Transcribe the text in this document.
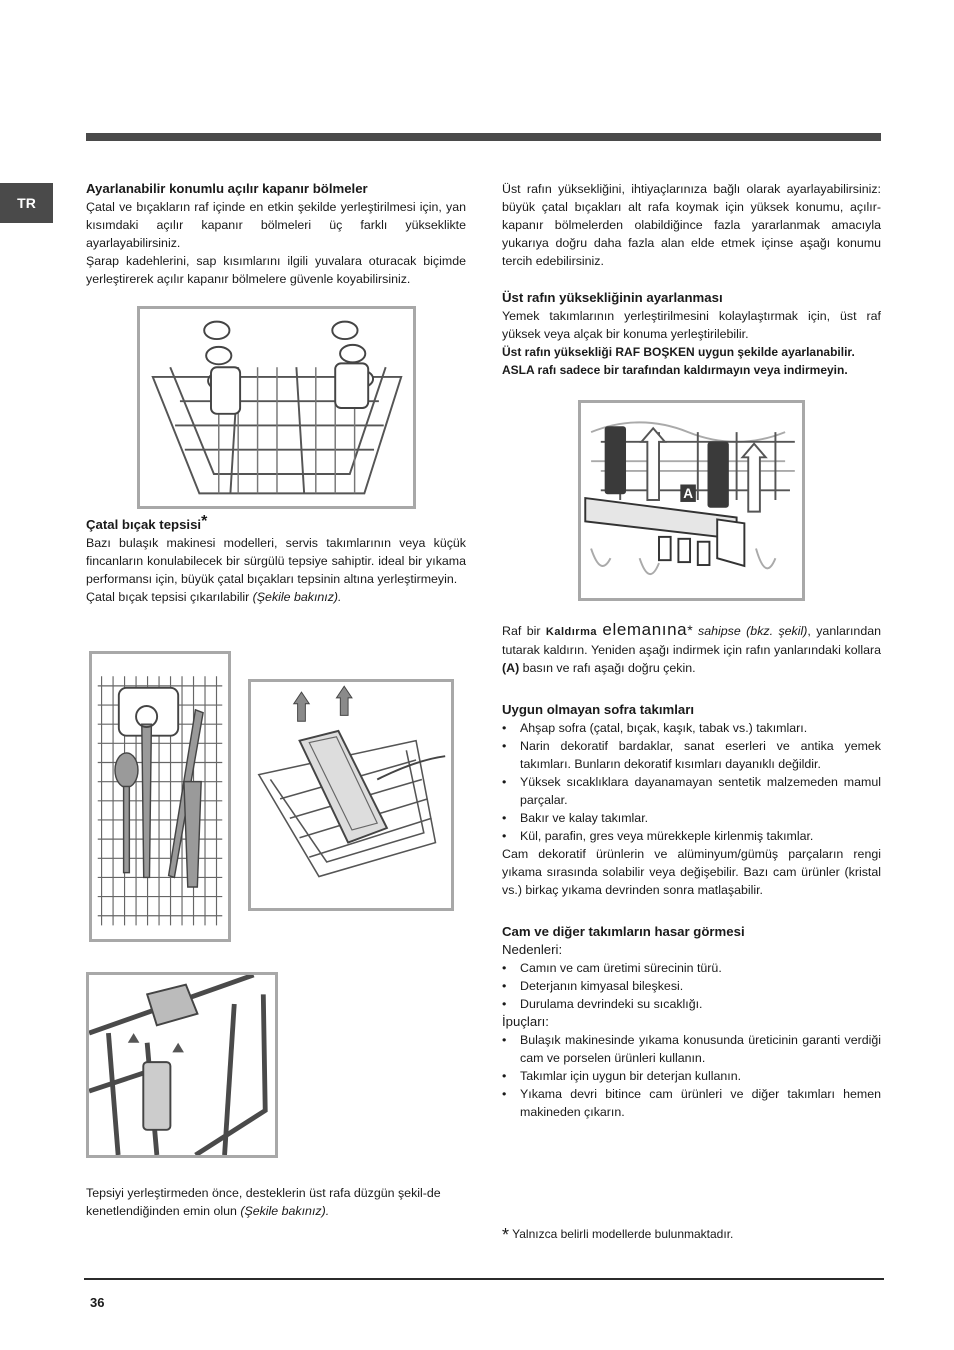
TR

Ayarlanabilir konumlu açılır kapanır bölmeler

Çatal ve bıçakların raf içinde en etkin şekilde yerleştirilmesi için, yan kısımdaki açılır kapanır bölmeleri üç farklı yükseklikte ayarlayabilirsiniz.

Şarap kadehlerini, sap kısımlarını ilgili yuvalara oturacak biçimde yerleştirerek açılır kapanır bölmelere güvenle koyabilirsiniz.

Çatal bıçak tepsisi*

Bazı bulaşık makinesi modelleri, servis takımlarının veya küçük fincanların konulabilecek bir sürgülü tepsiye sahiptir. ideal bir yıkama performansı için, büyük çatal bıçakları tepsinin altına yerleştirmeyin.

Çatal bıçak tepsisi çıkarılabilir (Şekile bakınız).

Tepsiyi yerleştirmeden önce, desteklerin üst rafa düzgün şekil-de kenetlendiğinden emin olun (Şekile bakınız).

Üst rafın yüksekliğini, ihtiyaçlarınıza bağlı olarak ayarlayabilirsiniz: büyük çatal bıçakları alt rafa koymak için yüksek konumu, açılır-kapanır bölmelerden olabildiğince fazla yararlanmak amacıyla yukarıya doğru daha fazla alan elde etmek içinse aşağı konumu tercih edebilirsiniz.

Üst rafın yüksekliğinin ayarlanması

Yemek takımlarının yerleştirilmesini kolaylaştırmak için, üst raf yüksek veya alçak bir konuma yerleştirilebilir.

Üst rafın yüksekliği RAF BOŞKEN uygun şekilde ayarlanabilir.

ASLA rafı sadece bir tarafından kaldırmayın veya indirmeyin.

A

Raf bir Kaldırma elemanına* sahipse (bkz. şekil), yanlarından tutarak kaldırın. Yeniden aşağı indirmek için rafın yanlarındaki kollara (A) basın ve rafı aşağı doğru çekin.

Uygun olmayan sofra takımları

• Ahşap sofra (çatal, bıçak, kaşık, tabak vs.) takımları.
• Narin dekoratif bardaklar, sanat eserleri ve antika yemek takımları. Bunların dekoratif kısımları dayanıklı değildir.
• Yüksek sıcaklıklara dayanamayan sentetik malzemeden mamul parçalar.
• Bakır ve kalay takımlar.
• Kül, parafin, gres veya mürekkeple kirlenmiş takımlar.

Cam dekoratif ürünlerin ve alüminyum/gümüş parçaların rengi yıkama sırasında solabilir veya değişebilir. Bazı cam ürünler (kristal vs.) birkaç yıkama devrinden sonra matlaşabilir.

Cam ve diğer takımların hasar görmesi

Nedenleri:

• Camın ve cam üretimi sürecinin türü.
• Deterjanın kimyasal bileşkesi.
• Durulama devrindeki su sıcaklığı.

İpuçları:

• Bulaşık makinesinde yıkama konusunda üreticinin garanti verdiği cam ve porselen ürünleri kullanın.
• Takımlar için uygun bir deterjan kullanın.
• Yıkama devri bitince cam ürünleri ve diğer takımları hemen makineden çıkarın.

* Yalnızca belirli modellerde bulunmaktadır.

36
